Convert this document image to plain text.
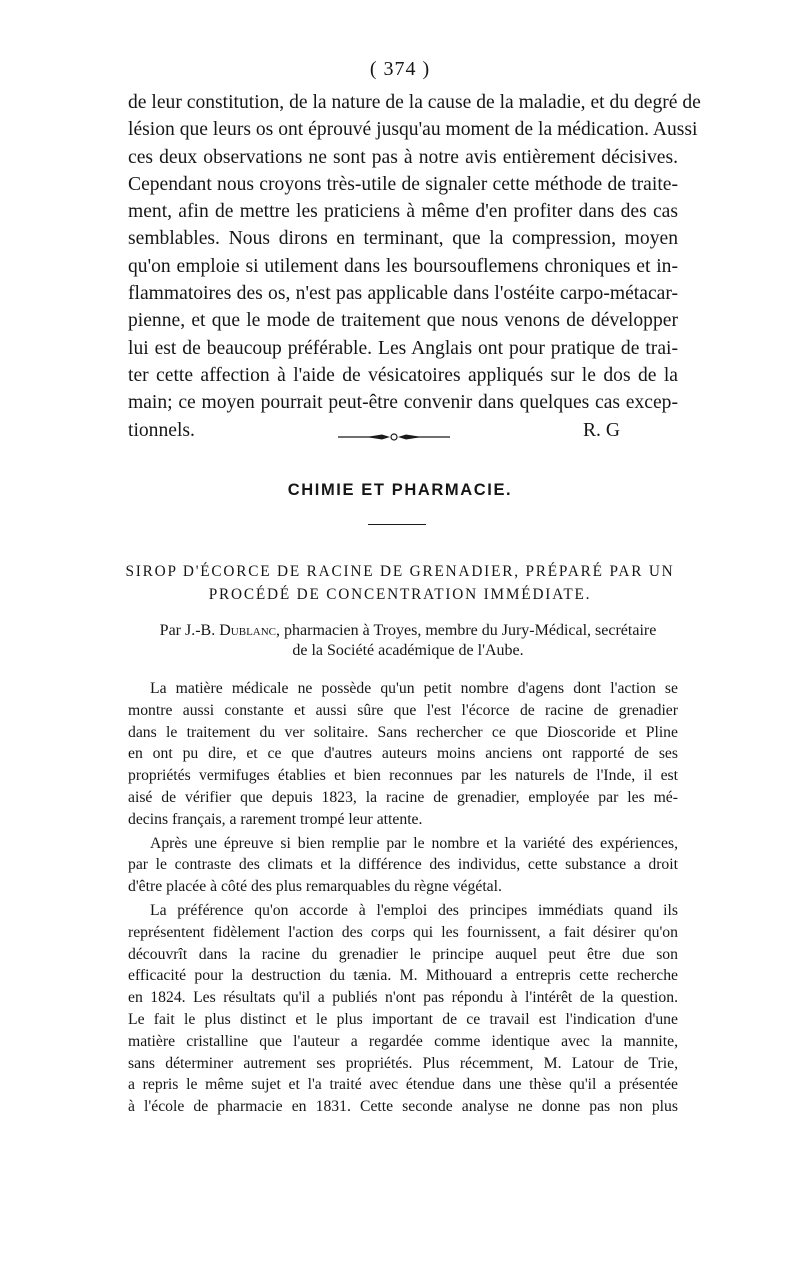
( 374 )
de leur constitution, de la nature de la cause de la maladie, et du degré de
lésion que leurs os ont éprouvé jusqu'au moment de la médication. Aussi
ces deux observations ne sont pas à notre avis entièrement décisives.
Cependant nous croyons très-utile de signaler cette méthode de traite-
ment, afin de mettre les praticiens à même d'en profiter dans des cas
semblables. Nous dirons en terminant, que la compression, moyen
qu'on emploie si utilement dans les boursouflemens chroniques et in-
flammatoires des os, n'est pas applicable dans l'ostéite carpo-métacar-
pienne, et que le mode de traitement que nous venons de développer
lui est de beaucoup préférable. Les Anglais ont pour pratique de trai-
ter cette affection à l'aide de vésicatoires appliqués sur le dos de la
main; ce moyen pourrait peut-être convenir dans quelques cas excep-
tionnels.	R. G
CHIMIE ET PHARMACIE.
SIROP D'ÉCORCE DE RACINE DE GRENADIER, PRÉPARÉ PAR UN
PROCÉDÉ DE CONCENTRATION IMMÉDIATE.
Par J.-B. Dublanc, pharmacien à Troyes, membre du Jury-Médical, secrétaire
de la Société académique de l'Aube.
La matière médicale ne possède qu'un petit nombre d'agens dont l'action se
montre aussi constante et aussi sûre que l'est l'écorce de racine de grenadier
dans le traitement du ver solitaire. Sans rechercher ce que Dioscoride et Pline
en ont pu dire, et ce que d'autres auteurs moins anciens ont rapporté de ses
propriétés vermifuges établies et bien reconnues par les naturels de l'Inde, il est
aisé de vérifier que depuis 1823, la racine de grenadier, employée par les mé-
decins français, a rarement trompé leur attente.
Après une épreuve si bien remplie par le nombre et la variété des expériences,
par le contraste des climats et la différence des individus, cette substance a droit
d'être placée à côté des plus remarquables du règne végétal.
La préférence qu'on accorde à l'emploi des principes immédiats quand ils
représentent fidèlement l'action des corps qui les fournissent, a fait désirer qu'on
découvrît dans la racine du grenadier le principe auquel peut être due son
efficacité pour la destruction du tænia. M. Mithouard a entrepris cette recherche
en 1824. Les résultats qu'il a publiés n'ont pas répondu à l'intérêt de la question.
Le fait le plus distinct et le plus important de ce travail est l'indication d'une
matière cristalline que l'auteur a regardée comme identique avec la mannite,
sans déterminer autrement ses propriétés. Plus récemment, M. Latour de Trie,
a repris le même sujet et l'a traité avec étendue dans une thèse qu'il a présentée
à l'école de pharmacie en 1831. Cette seconde analyse ne donne pas non plus
